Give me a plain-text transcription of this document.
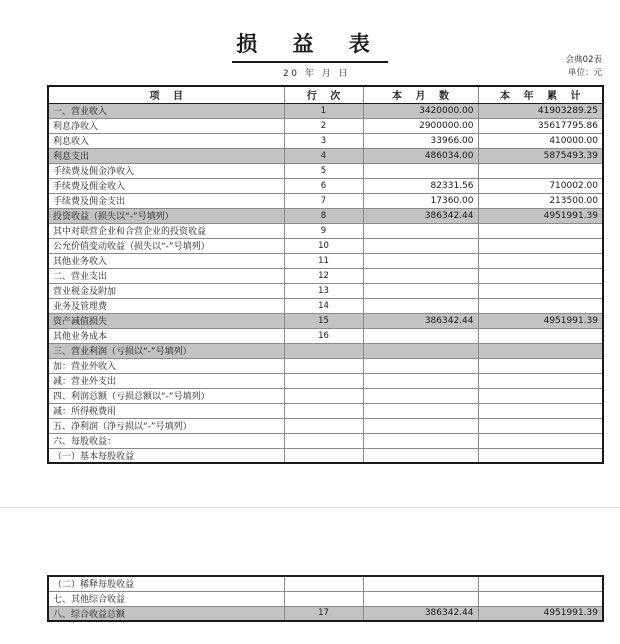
损 益 表
会典02表
单位：元
20 年 月 日
项 目	行 次	本 月 数	本 年 累 计
一、营业收入	1	3420000.00	41903289.25
利息净收入	2	2900000.00	35617795.86
利息收入	3	33966.00	410000.00
利息支出	4	486034.00	5875493.39
手续费及佣金净收入	5		
手续费及佣金收入	6	82331.56	710002.00
手续费及佣金支出	7	17360.00	213500.00
投资收益（损失以“-”号填列）	8	386342.44	4951991.39
其中对联营企业和合营企业的投资收益	9		
公允价值变动收益（损失以“-”号填列）	10		
其他业务收入	11		
二、营业支出	12		
营业税金及附加	13		
业务及管理费	14		
资产减值损失	15	386342.44	4951991.39
其他业务成本	16		
三、营业利润（亏损以“-”号填列）			
加：营业外收入			
减：营业外支出			
四、利润总额（亏损总额以“-”号填列）			
减：所得税费用			
五、净利润（净亏损以“-”号填列）			
六、每股收益：			
（一）基本每股收益			
（二）稀释每股收益			
七、其他综合收益			
八、综合收益总额	17	386342.44	4951991.39
